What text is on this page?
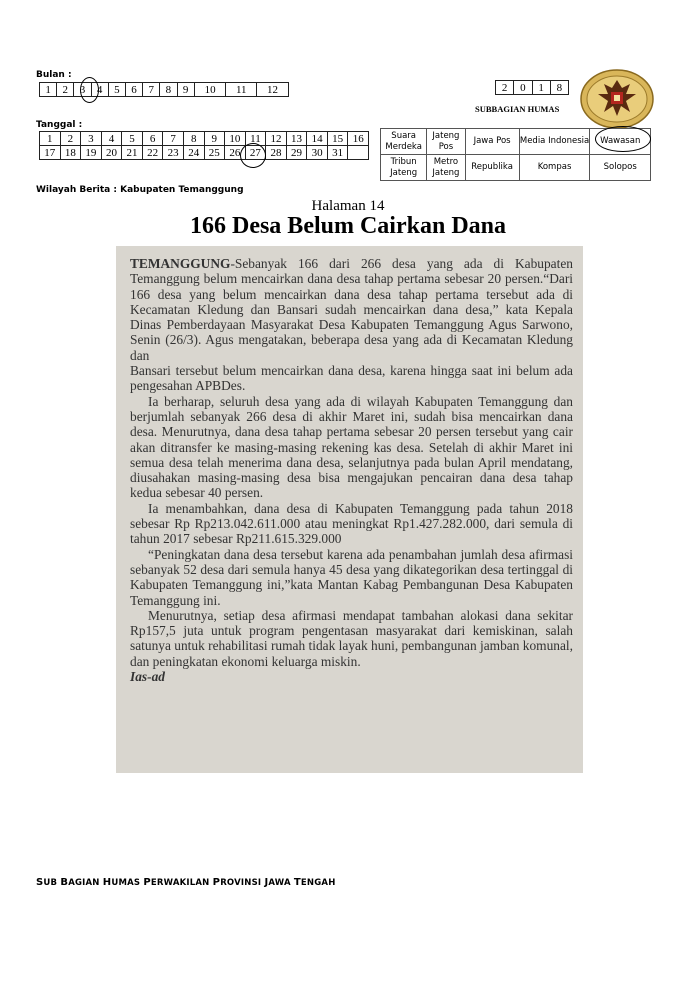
Bulan :
1	2	3	4	5	6	7	8	9	10	11	12
Tanggal :
1	2	3	4	5	6	7	8	9	10	11	12	13	14	15	16
17	18	19	20	21	22	23	24	25	26	27	28	29	30	31	
2	0	1	8
SUBBAGIAN HUMAS
Suara Merdeka	Jateng Pos	Jawa Pos	Media Indonesia	Wawasan
Tribun Jateng	Metro Jateng	Republika	Kompas	Solopos
Wilayah Berita : Kabupaten Temanggung
Halaman 14
166 Desa Belum Cairkan Dana

TEMANGGUNG-Sebanyak 166 dari 266 desa yang ada di Kabupaten Temanggung belum mencairkan dana desa tahap pertama sebesar 20 persen.“Dari 166 desa yang belum mencairkan dana desa tahap pertama tersebut ada di Kecamatan Kledung dan Bansari sudah mencairkan dana desa,” kata Kepala Dinas Pemberdayaan Masyarakat Desa Kabupaten Temanggung Agus Sarwono, Senin (26/3). Agus mengatakan, beberapa desa yang ada di Kecamatan Kledung dan

Bansari tersebut belum mencairkan dana desa, karena hingga saat ini belum ada pengesahan APBDes.

Ia berharap, seluruh desa yang ada di wilayah Kabupaten Temanggung dan berjumlah sebanyak 266 desa di akhir Maret ini, sudah bisa mencairkan dana desa. Menurutnya, dana desa tahap pertama sebesar 20 persen tersebut yang cair akan ditransfer ke masing-masing rekening kas desa. Setelah di akhir Maret ini semua desa telah menerima dana desa, selanjutnya pada bulan April mendatang, diusahakan masing-masing desa bisa mengajukan pencairan dana desa tahap kedua sebesar 40 persen.

Ia menambahkan, dana desa di Kabupaten Temanggung pada tahun 2018 sebesar Rp Rp213.042.611.000 atau meningkat Rp1.427.282.000, dari semula di tahun 2017 sebesar Rp211.615.329.000

“Peningkatan dana desa tersebut karena ada penambahan jumlah desa afirmasi sebanyak 52 desa dari semula hanya 45 desa yang dikategorikan desa tertinggal di Kabupaten Temanggung ini,”kata Mantan Kabag Pembangunan Desa Kabupaten Temanggung ini.

Menurutnya, setiap desa afirmasi mendapat tambahan alokasi dana sekitar Rp157,5 juta untuk program pengentasan masyarakat dari kemiskinan, salah satunya untuk rehabilitasi rumah tidak layak huni, pembangunan jamban komunal, dan peningkatan ekonomi keluarga miskin.

Ias-ad
SUB BAGIAN HUMAS PERWAKILAN PROVINSI JAWA TENGAH
